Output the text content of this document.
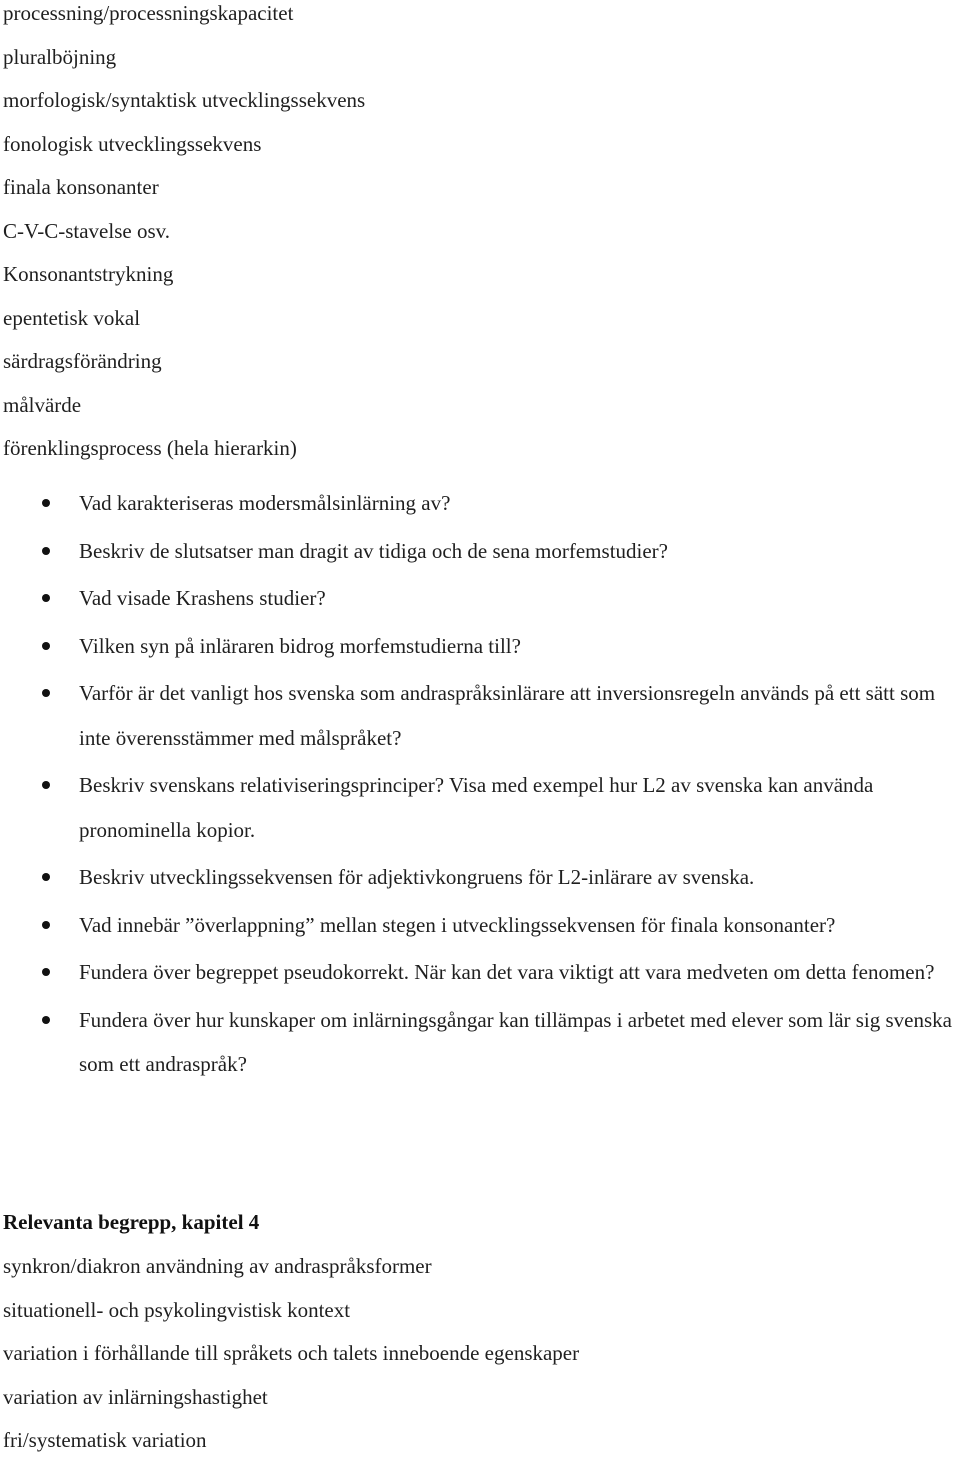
processning/processningskapacitet
pluralböjning
morfologisk/syntaktisk utvecklingssekvens
fonologisk utvecklingssekvens
finala konsonanter
C-V-C-stavelse osv.
Konsonantstrykning
epentetisk vokal
särdragsförändring
målvärde
förenklingsprocess (hela hierarkin)
Vad karakteriseras modersmålsinlärning av?
Beskriv de slutsatser man dragit av tidiga och de sena morfemstudier?
Vad visade Krashens studier?
Vilken syn på inläraren bidrog morfemstudierna till?
Varför är det vanligt hos svenska som andraspråksinlärare att inversionsregeln används på ett sätt som inte överensstämmer med målspråket?
Beskriv svenskans relativiseringsprinciper? Visa med exempel hur L2 av svenska kan använda pronominella kopior.
Beskriv utvecklingssekvensen för adjektivkongruens för L2-inlärare av svenska.
Vad innebär ”överlappning” mellan stegen i utvecklingssekvensen för finala konsonanter?
Fundera över begreppet pseudokorrekt. När kan det vara viktigt att vara medveten om detta fenomen?
Fundera över hur kunskaper om inlärningsgångar kan tillämpas i arbetet med elever som lär sig svenska som ett andraspråk?
Relevanta begrepp, kapitel 4
synkron/diakron användning av andraspråksformer
situationell- och psykolingvistisk kontext
variation i förhållande till språkets och talets inneboende egenskaper
variation av inlärningshastighet
fri/systematisk variation
